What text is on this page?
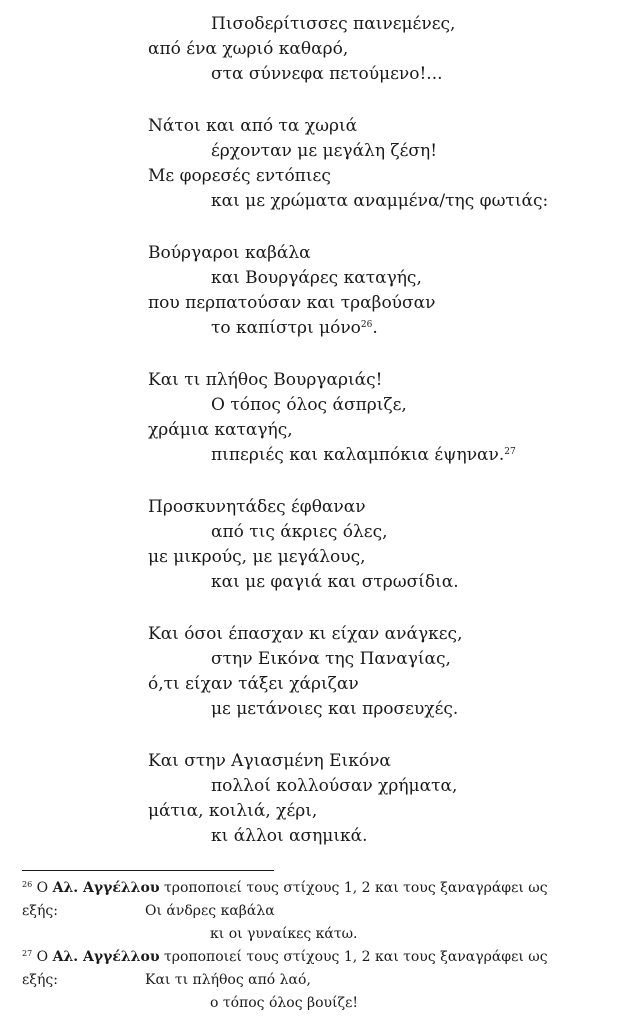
Πισοδερίτισσες παινεμένες,
από ένα χωριό καθαρό,
στα σύννεφα πετούμενο!...
Νάτοι και από τα χωριά
έρχονταν με μεγάλη ζέση!
Με φορεσές εντόπιες
και με χρώματα αναμμένα/της φωτιάς:
Βούργαροι καβάλα
και Βουργάρες καταγής,
που περπατούσαν και τραβούσαν
το καπίστρι μόνο$^{26}$.
Και τι πλήθος Βουργαριάς!
Ο τόπος όλος άσπριζε,
χράμια καταγής,
πιπεριές και καλαμπόκια έψηναν.$^{27}$
Προσκυνητάδες έφθαναν
από τις άκριες όλες,
με μικρούς, με μεγάλους,
και με φαγιά και στρωσίδια.
Και όσοι έπασχαν κι είχαν ανάγκες,
στην Εικόνα της Παναγίας,
ό,τι είχαν τάξει χάριζαν
με μετάνοιες και προσευχές.
Και στην Αγιασμένη Εικόνα
πολλοί κολλούσαν χρήματα,
μάτια, κοιλιά, χέρι,
κι άλλοι ασημικά.
$^{26}$ Ο Αλ. Αγγέλλου τροποποιεί τους στίχους 1, 2 και τους ξαναγράφει ως
εξής:	Οι άνδρες καβάλα
κι οι γυναίκες κάτω.
$^{27}$ Ο Αλ. Αγγέλλου τροποποιεί τους στίχους 1, 2 και τους ξαναγράφει ως
εξής:	Και τι πλήθος από λαό,
ο τόπος όλος βουίζε!
